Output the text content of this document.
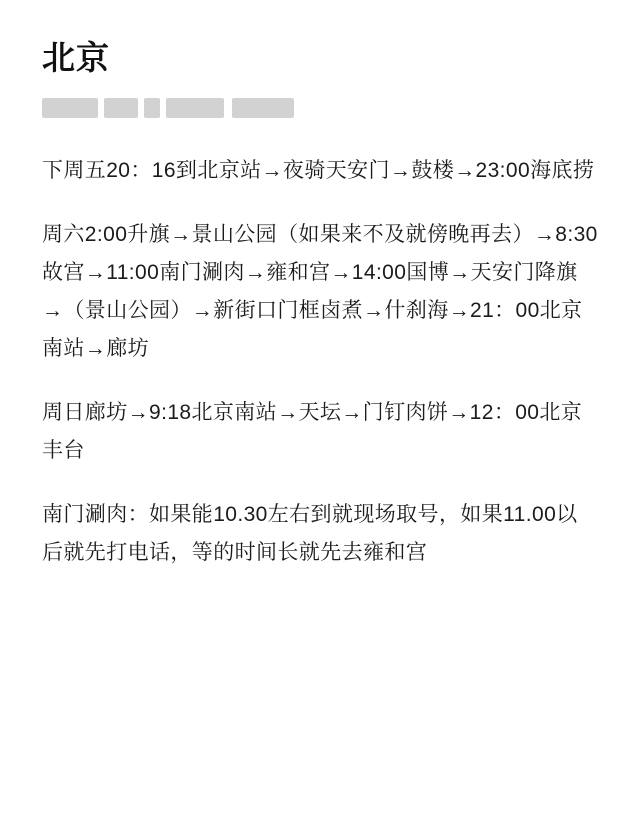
北京

下周五20：16到北京站→夜骑天安门→鼓楼→23:00海底捞

周六2:00升旗→景山公园（如果来不及就傍晚再去）→8:30故宫→11:00南门涮肉→雍和宫→14:00国博→天安门降旗→（景山公园）→新街口门框卤煮→什刹海→21：00北京南站→廊坊

周日廊坊→9:18北京南站→天坛→门钉肉饼→12：00北京丰台

南门涮肉：如果能10.30左右到就现场取号，如果11.00以后就先打电话，等的时间长就先去雍和宫
